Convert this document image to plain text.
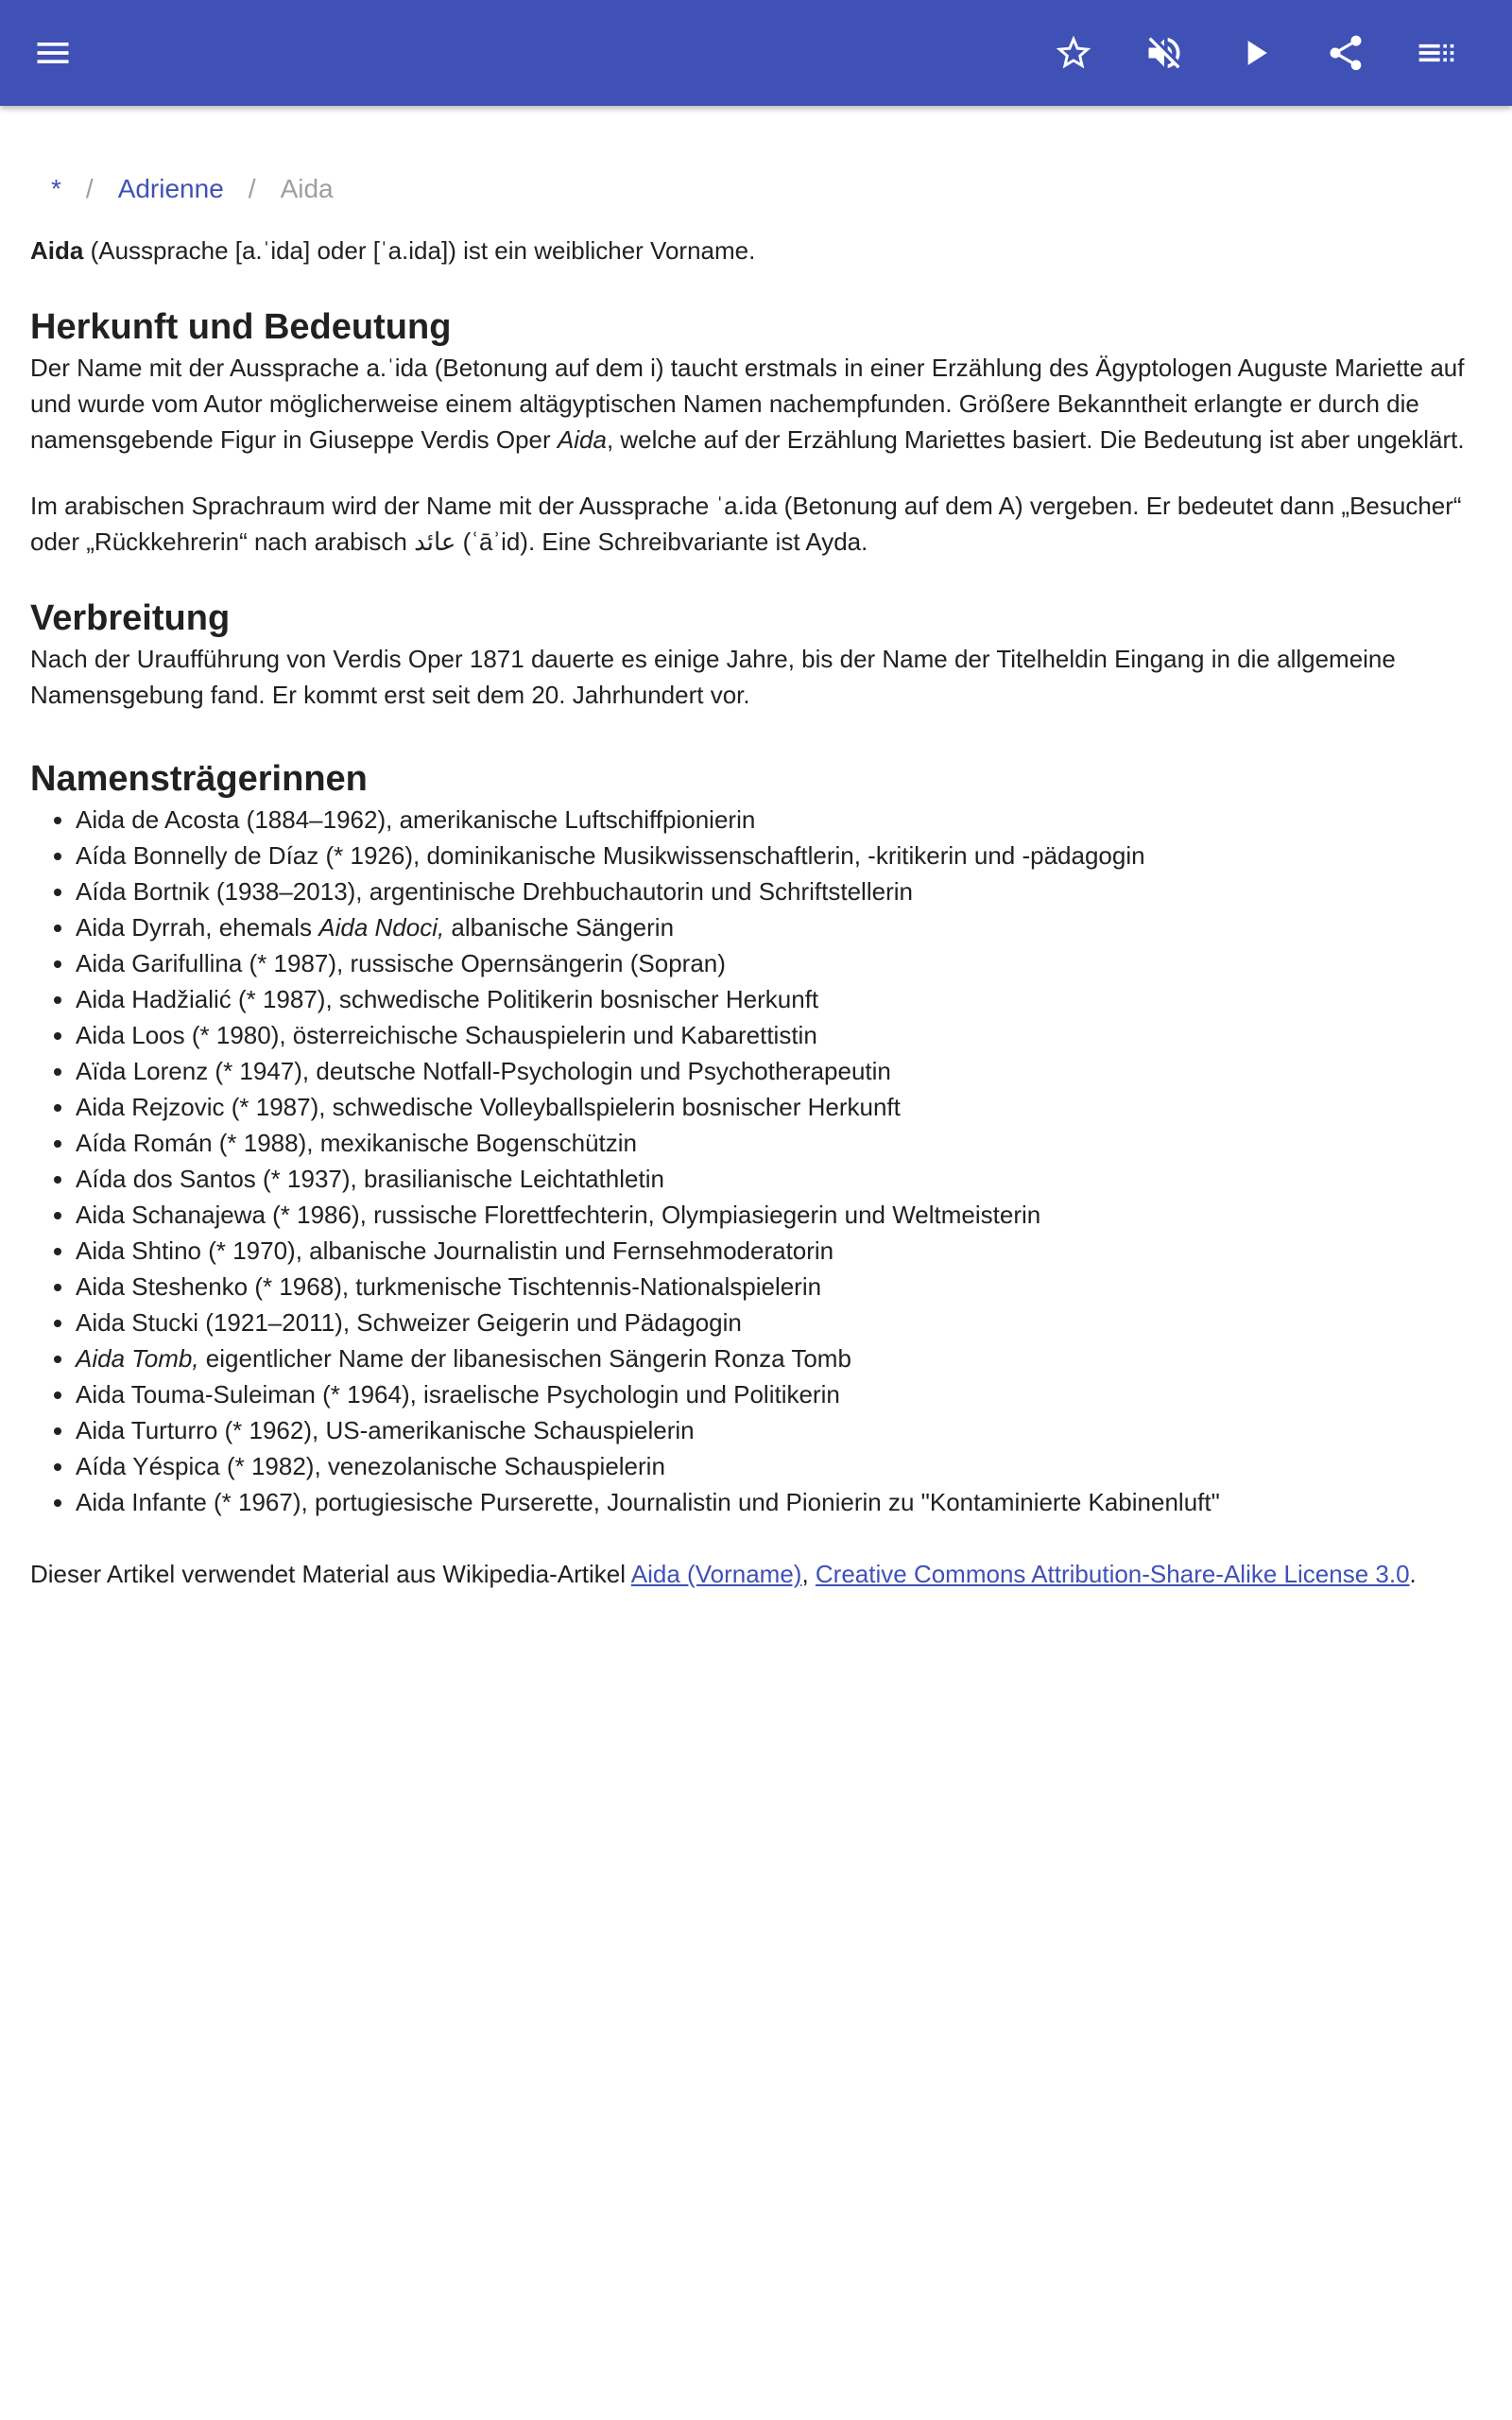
* / Adrienne / Aida

Aida (Aussprache [a.ˈida] oder [ˈa.ida]) ist ein weiblicher Vorname.

Herkunft und Bedeutung

Der Name mit der Aussprache a.ˈida (Betonung auf dem i) taucht erstmals in einer Erzählung des Ägyptologen Auguste Mariette auf und wurde vom Autor möglicherweise einem altägyptischen Namen nachempfunden. Größere Bekanntheit erlangte er durch die namensgebende Figur in Giuseppe Verdis Oper Aida, welche auf der Erzählung Mariettes basiert. Die Bedeutung ist aber ungeklärt.

Im arabischen Sprachraum wird der Name mit der Aussprache ˈa.ida (Betonung auf dem A) vergeben. Er bedeutet dann „Besucher“ oder „Rückkehrerin“ nach arabisch عائد (ʿāʾid). Eine Schreibvariante ist Ayda.

Verbreitung

Nach der Uraufführung von Verdis Oper 1871 dauerte es einige Jahre, bis der Name der Titelheldin Eingang in die allgemeine Namensgebung fand. Er kommt erst seit dem 20. Jahrhundert vor.

Namensträgerinnen
• Aida de Acosta (1884–1962), amerikanische Luftschiffpionierin
• Aída Bonnelly de Díaz (* 1926), dominikanische Musikwissenschaftlerin, -kritikerin und -pädagogin
• Aída Bortnik (1938–2013), argentinische Drehbuchautorin und Schriftstellerin
• Aida Dyrrah, ehemals Aida Ndoci, albanische Sängerin
• Aida Garifullina (* 1987), russische Opernsängerin (Sopran)
• Aida Hadžialić (* 1987), schwedische Politikerin bosnischer Herkunft
• Aida Loos (* 1980), österreichische Schauspielerin und Kabarettistin
• Aïda Lorenz (* 1947), deutsche Notfall-Psychologin und Psychotherapeutin
• Aida Rejzovic (* 1987), schwedische Volleyballspielerin bosnischer Herkunft
• Aída Román (* 1988), mexikanische Bogenschützin
• Aída dos Santos (* 1937), brasilianische Leichtathletin
• Aida Schanajewa (* 1986), russische Florettfechterin, Olympiasiegerin und Weltmeisterin
• Aida Shtino (* 1970), albanische Journalistin und Fernsehmoderatorin
• Aida Steshenko (* 1968), turkmenische Tischtennis-Nationalspielerin
• Aida Stucki (1921–2011), Schweizer Geigerin und Pädagogin
• Aida Tomb, eigentlicher Name der libanesischen Sängerin Ronza Tomb
• Aida Touma-Suleiman (* 1964), israelische Psychologin und Politikerin
• Aida Turturro (* 1962), US-amerikanische Schauspielerin
• Aída Yéspica (* 1982), venezolanische Schauspielerin
• Aida Infante (* 1967), portugiesische Purserette, Journalistin und Pionierin zu "Kontaminierte Kabinenluft"

Dieser Artikel verwendet Material aus Wikipedia-Artikel Aida (Vorname), Creative Commons Attribution-Share-Alike License 3.0.
